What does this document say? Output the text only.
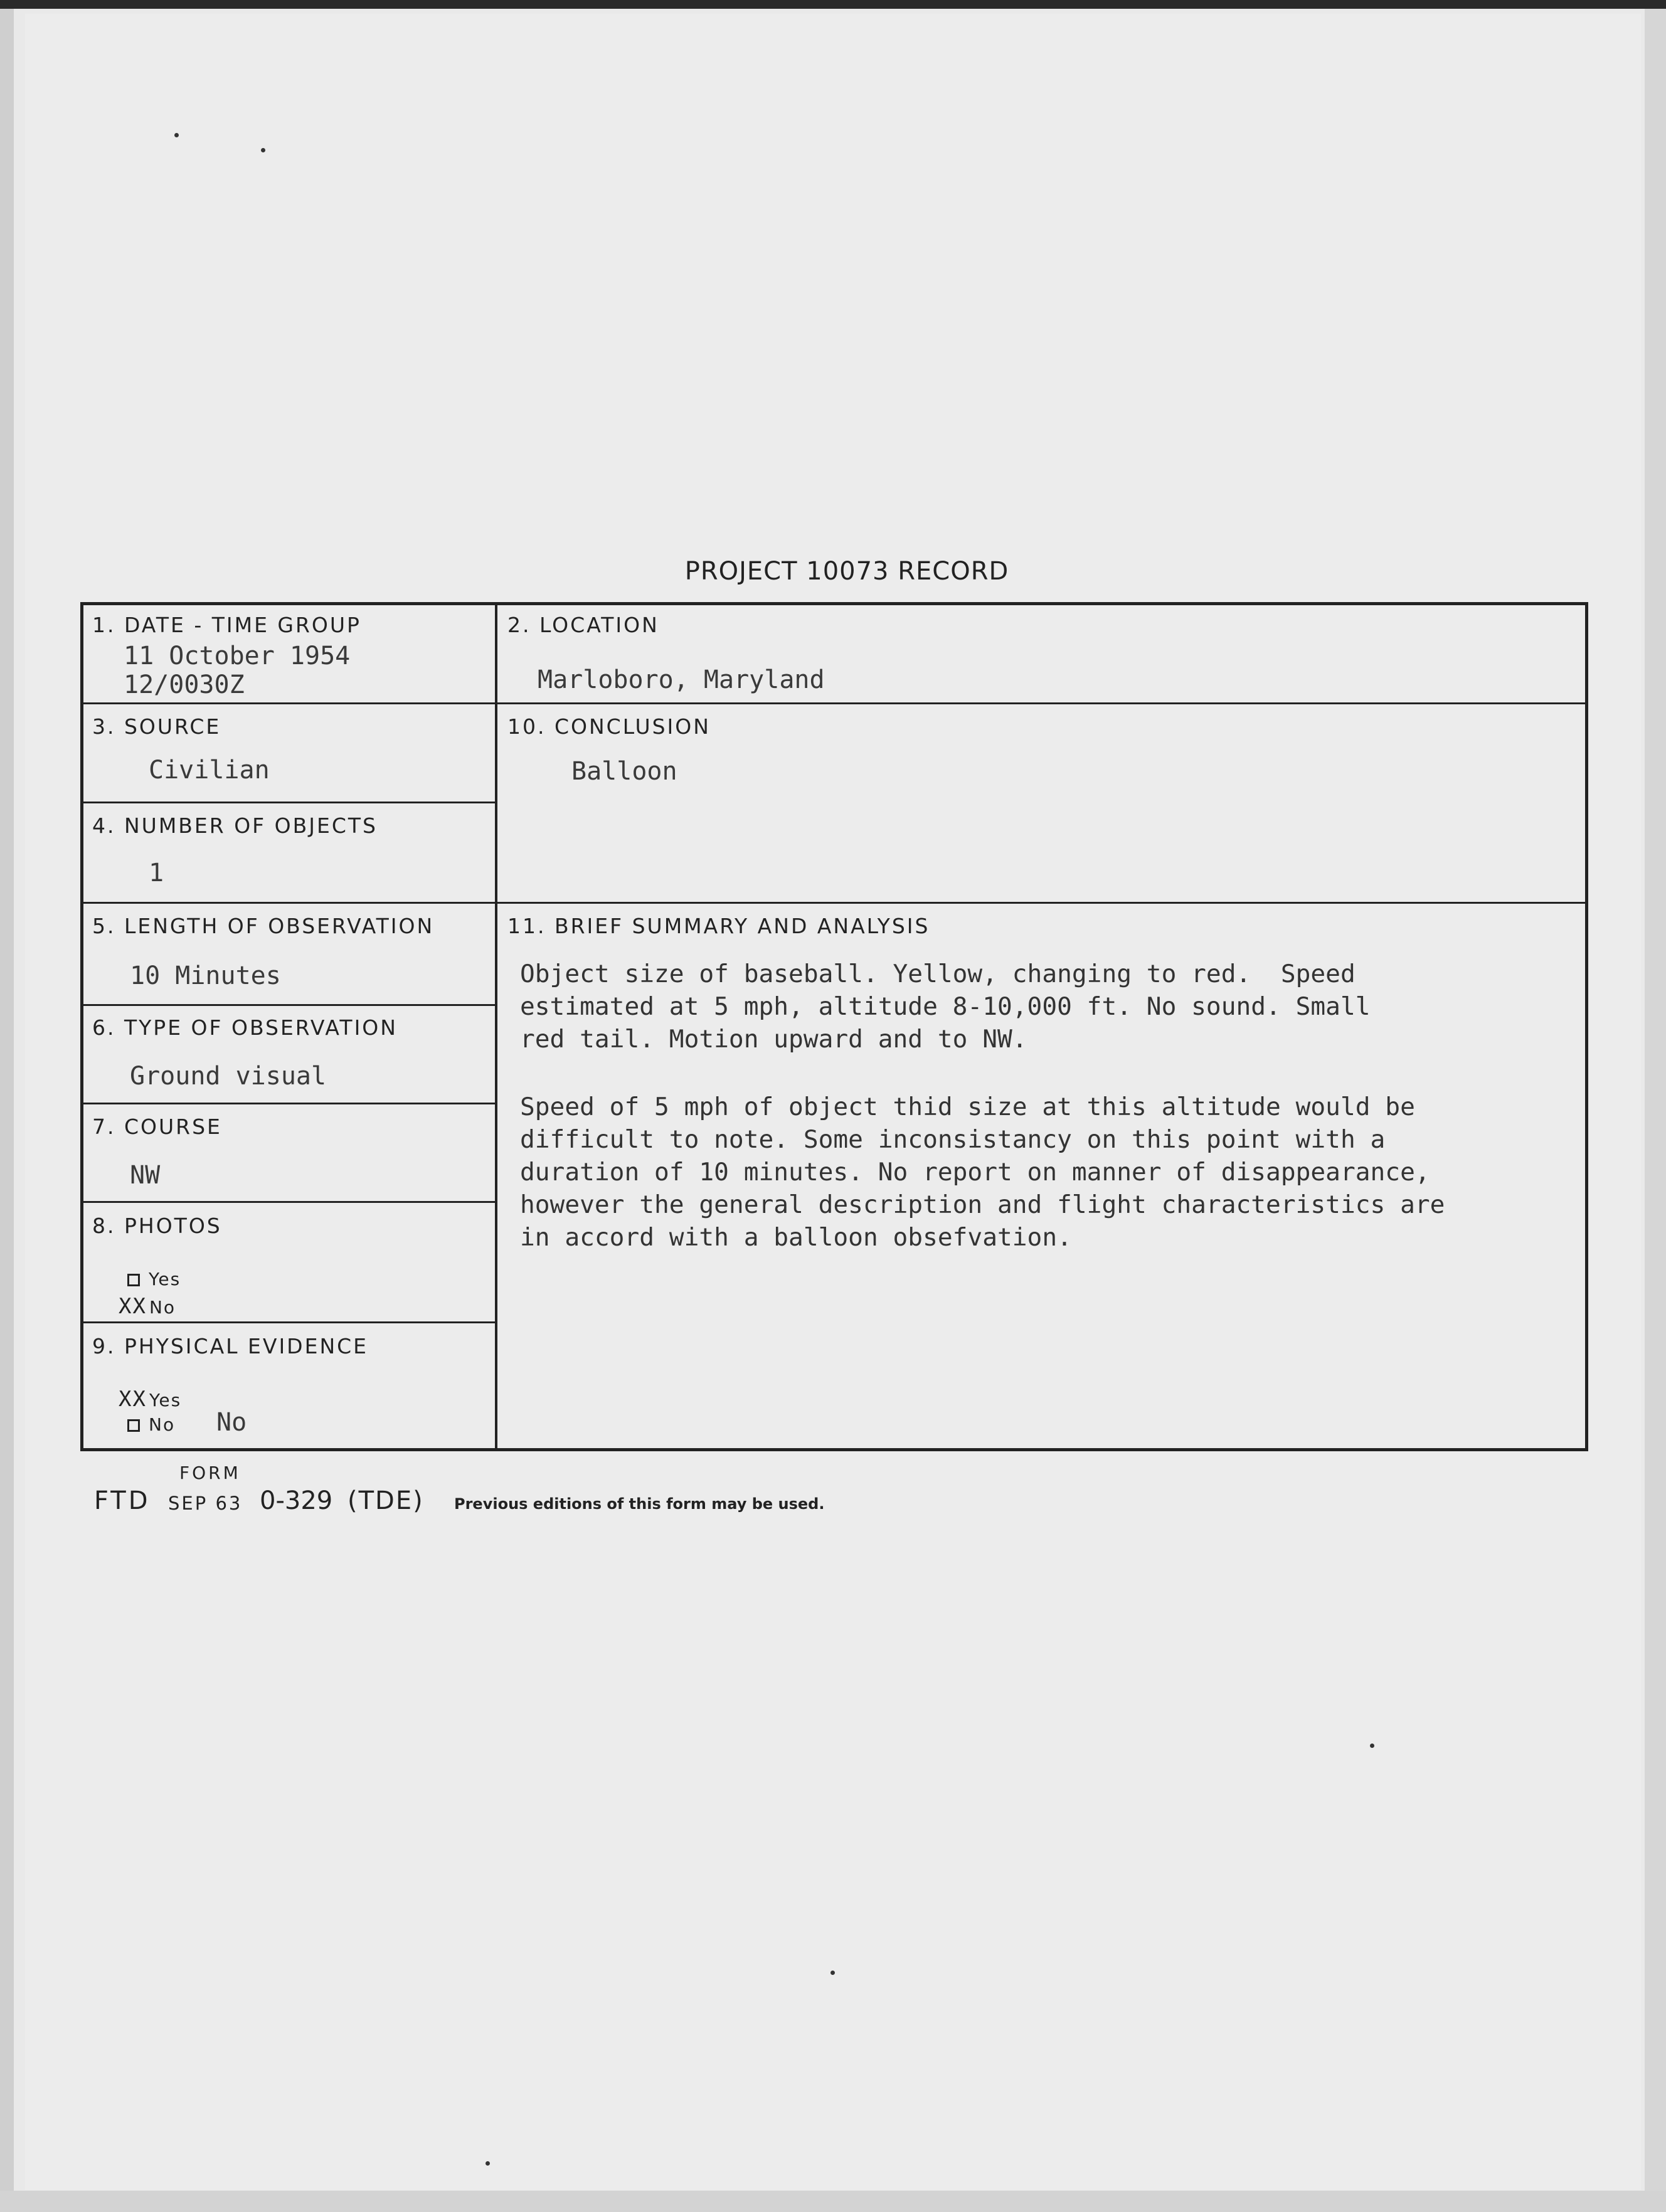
PROJECT 10073 RECORD
1. DATE - TIME GROUP
11 October 1954
12/0030Z
2. LOCATION
Marloboro, Maryland
3. SOURCE
Civilian
10. CONCLUSION
Balloon
4. NUMBER OF OBJECTS
1
5. LENGTH OF OBSERVATION
10 Minutes
11. BRIEF SUMMARY AND ANALYSIS

Object size of baseball. Yellow, changing to red.  Speed

estimated at 5 mph, altitude 8-10,000 ft. No sound. Small

red tail. Motion upward and to NW.

Speed of 5 mph of object thid size at this altitude would be

difficult to note. Some inconsistancy on this point with a

duration of 10 minutes. No report on manner of disappearance,

however the general description and flight characteristics are

in accord with a balloon obsefvation.

6. TYPE OF OBSERVATION
Ground visual
7. COURSE
NW
8. PHOTOS
Yes
XX No
9. PHYSICAL EVIDENCE
XX Yes
No No
FORM
FTD SEP 63 0-329 (TDE) Previous editions of this form may be used.
